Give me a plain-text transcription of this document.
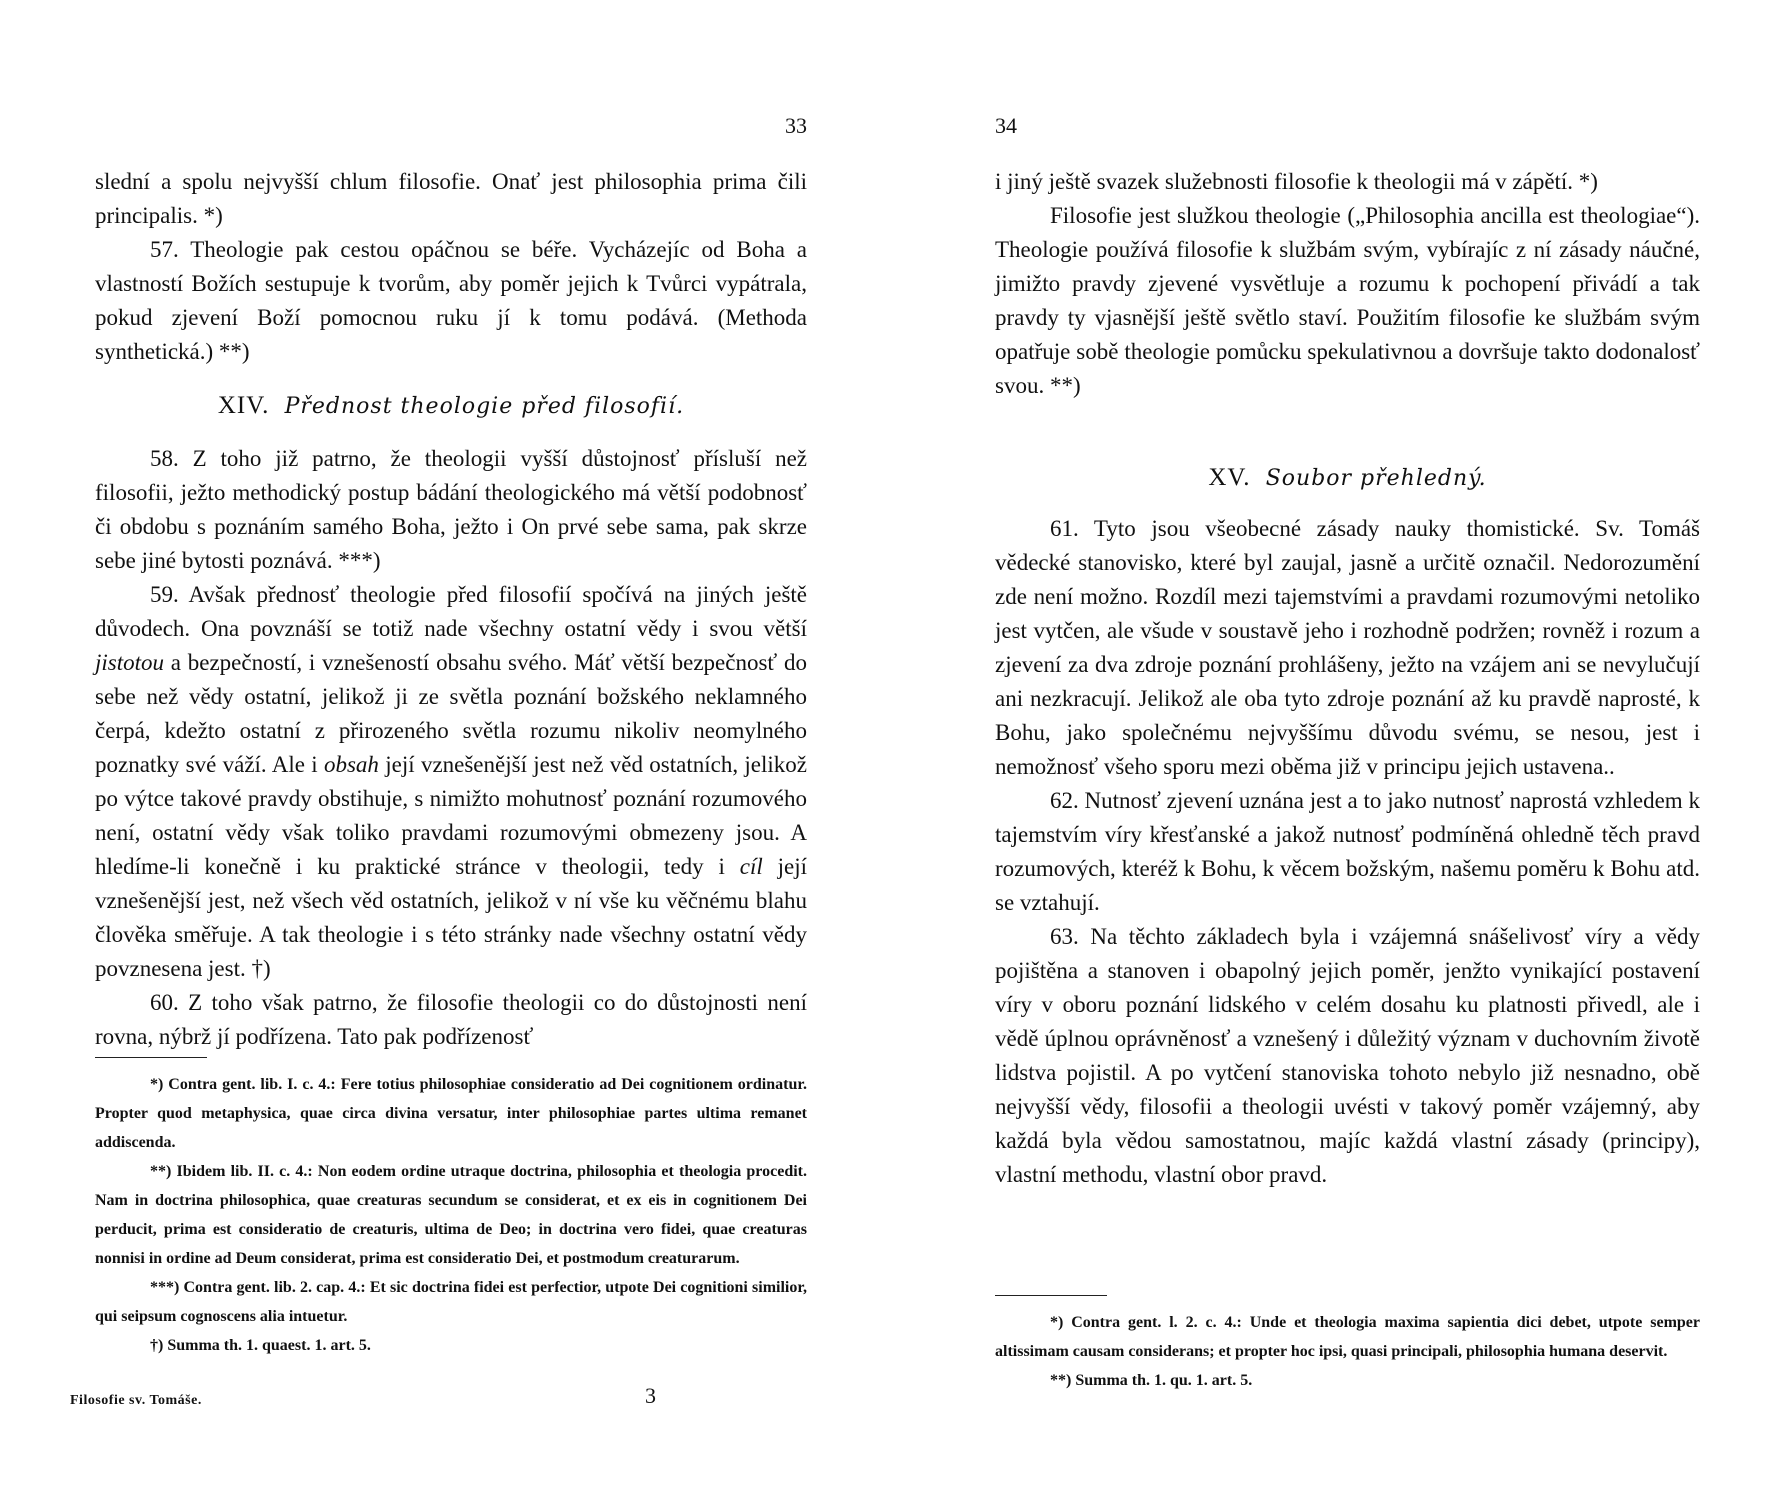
33

slední a spolu nejvyšší chlum filosofie. Onať jest philosophia prima čili principalis. *)

57. Theologie pak cestou opáčnou se béře. Vycházejíc od Boha a vlastností Božích sestupuje k tvorům, aby poměr jejich k Tvůrci vypátrala, pokud zjevení Boží pomocnou ruku jí k tomu podává. (Methoda synthetická.) **)

XIV. Přednost theologie před filosofií.

58. Z toho již patrno, že theologii vyšší důstojnosť přísluší než filosofii, ježto methodický postup bádání theologického má větší podobnosť či obdobu s poznáním samého Boha, ježto i On prvé sebe sama, pak skrze sebe jiné bytosti poznává. ***)

59. Avšak přednosť theologie před filosofií spočívá na jiných ještě důvodech. Ona povznáší se totiž nade všechny ostatní vědy i svou větší jistotou a bezpečností, i vznešeností obsahu svého. Máť větší bezpečnosť do sebe než vědy ostatní, jelikož ji ze světla poznání božského neklamného čerpá, kdežto ostatní z přirozeného světla rozumu nikoliv neomylného poznatky své váží. Ale i obsah její vznešenější jest než věd ostatních, jelikož po výtce takové pravdy obstihuje, s nimižto mohutnosť poznání rozumového není, ostatní vědy však toliko pravdami rozumovými obmezeny jsou. A hledíme-li konečně i ku praktické stránce v theologii, tedy i cíl její vznešenější jest, než všech věd ostatních, jelikož v ní vše ku věčnému blahu člověka směřuje. A tak theologie i s této stránky nade všechny ostatní vědy povznesena jest. †)

60. Z toho však patrno, že filosofie theologii co do důstojnosti není rovna, nýbrž jí podřízena. Tato pak podřízenosť

*) Contra gent. lib. I. c. 4.: Fere totius philosophiae consideratio ad Dei cognitionem ordinatur. Propter quod metaphysica, quae circa divina versatur, inter philosophiae partes ultima remanet addiscenda.

**) Ibidem lib. II. c. 4.: Non eodem ordine utraque doctrina, philosophia et theologia procedit. Nam in doctrina philosophica, quae creaturas secundum se considerat, et ex eis in cognitionem Dei perducit, prima est consideratio de creaturis, ultima de Deo; in doctrina vero fidei, quae creaturas nonnisi in ordine ad Deum considerat, prima est consideratio Dei, et postmodum creaturarum.

***) Contra gent. lib. 2. cap. 4.: Et sic doctrina fidei est perfectior, utpote Dei cognitioni similior, qui seipsum cognoscens alia intuetur.

†) Summa th. 1. quaest. 1. art. 5.

Filosofie sv. Tomáše.	3
34

i jiný ještě svazek služebnosti filosofie k theologii má v zápětí. *)

Filosofie jest služkou theologie („Philosophia ancilla est theologiae“). Theologie používá filosofie k službám svým, vybírajíc z ní zásady náučné, jimižto pravdy zjevené vysvětluje a rozumu k pochopení přivádí a tak pravdy ty vjasnější ještě světlo staví. Použitím filosofie ke službám svým opatřuje sobě theologie pomůcku spekulativnou a dovršuje takto dodonalosť svou. **)

XV. Soubor přehledný.

61. Tyto jsou všeobecné zásady nauky thomistické. Sv. Tomáš vědecké stanovisko, které byl zaujal, jasně a určitě označil. Nedorozumění zde není možno. Rozdíl mezi tajemstvími a pravdami rozumovými netoliko jest vytčen, ale všude v soustavě jeho i rozhodně podržen; rovněž i rozum a zjevení za dva zdroje poznání prohlášeny, ježto na vzájem ani se nevylučují ani nezkracují. Jelikož ale oba tyto zdroje poznání až ku pravdě naprosté, k Bohu, jako společnému nejvyššímu důvodu svému, se nesou, jest i nemožnosť všeho sporu mezi oběma již v principu jejich ustavena..

62. Nutnosť zjevení uznána jest a to jako nutnosť naprostá vzhledem k tajemstvím víry křesťanské a jakož nutnosť podmíněná ohledně těch pravd rozumových, kteréž k Bohu, k věcem božským, našemu poměru k Bohu atd. se vztahují.

63. Na těchto základech byla i vzájemná snášelivosť víry a vědy pojištěna a stanoven i obapolný jejich poměr, jenžto vynikající postavení víry v oboru poznání lidského v celém dosahu ku platnosti přivedl, ale i vědě úplnou oprávněnosť a vznešený i důležitý význam v duchovním životě lidstva pojistil. A po vytčení stanoviska tohoto nebylo již nesnadno, obě nejvyšší vědy, filosofii a theologii uvésti v takový poměr vzájemný, aby každá byla vědou samostatnou, majíc každá vlastní zásady (principy), vlastní methodu, vlastní obor pravd.

*) Contra gent. l. 2. c. 4.: Unde et theologia maxima sapientia dici debet, utpote semper altissimam causam considerans; et propter hoc ipsi, quasi principali, philosophia humana deservit.

**) Summa th. 1. qu. 1. art. 5.
